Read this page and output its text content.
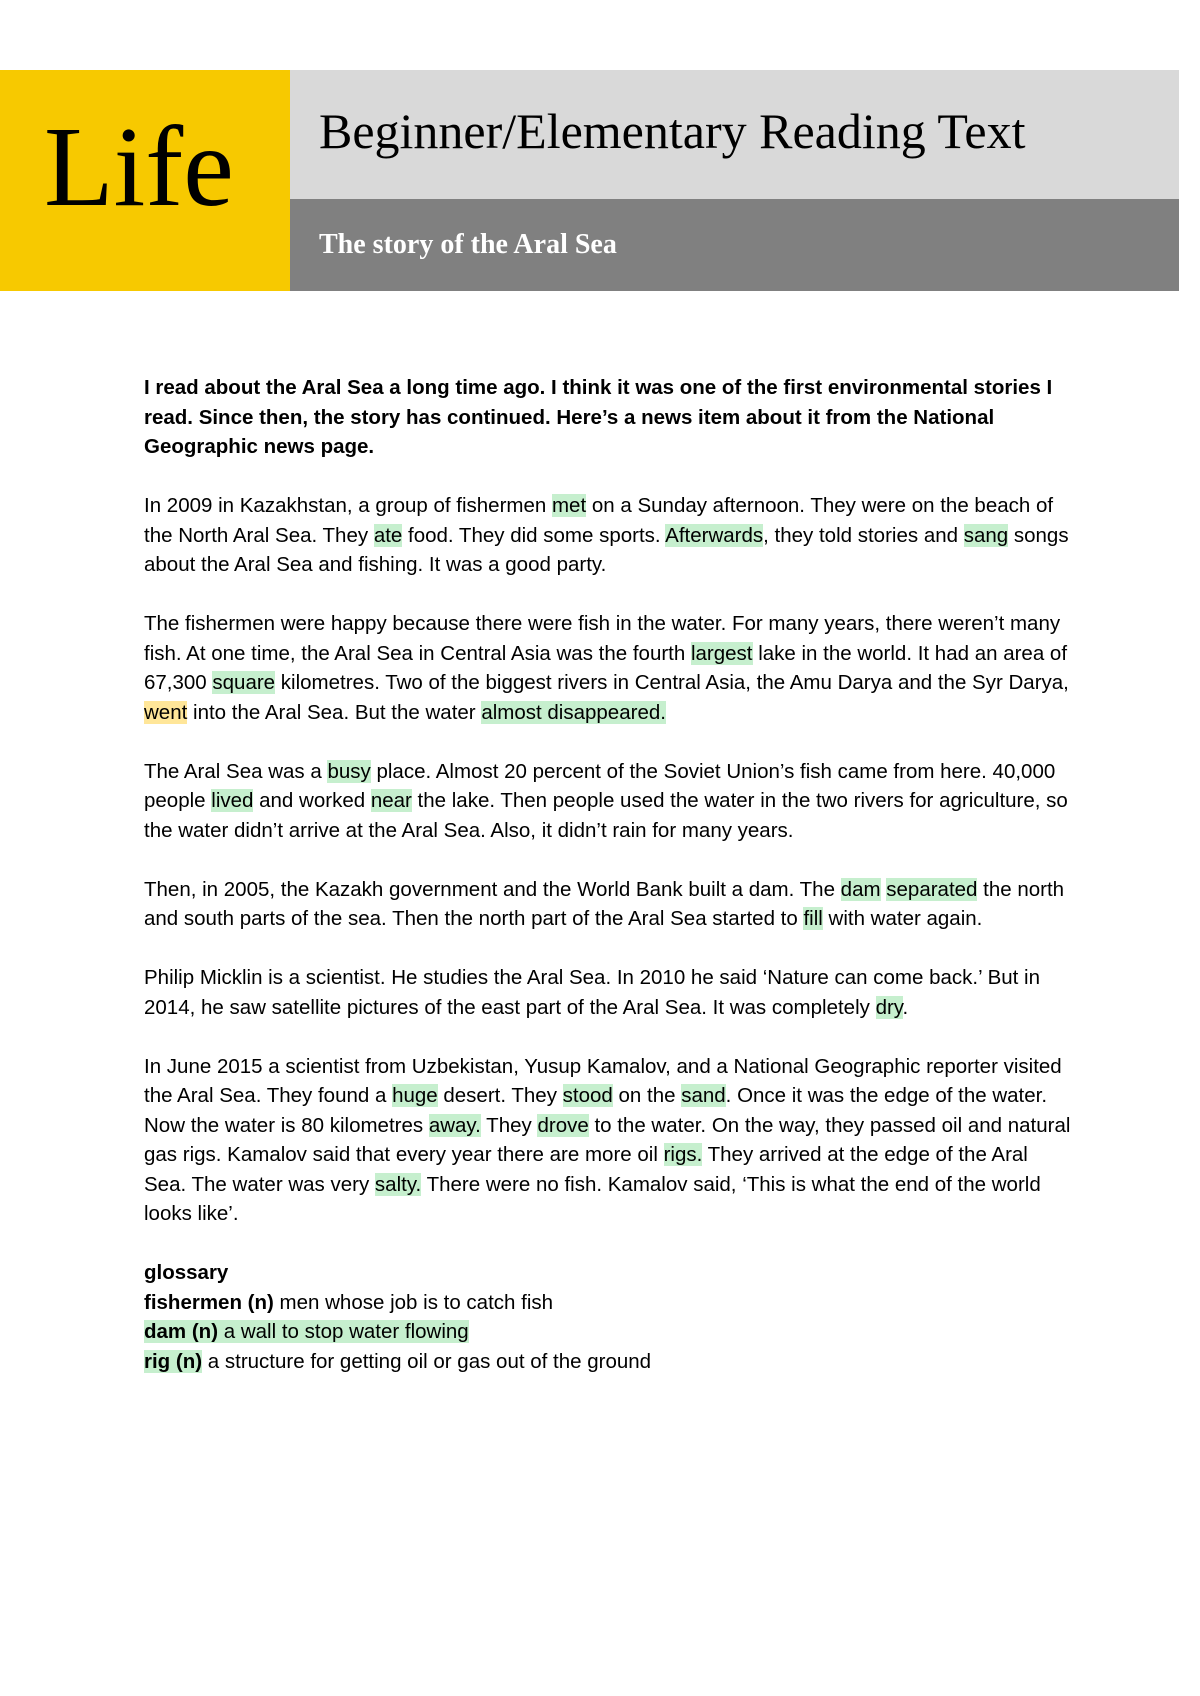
Life Beginner/Elementary Reading Text
The story of the Aral Sea

I read about the Aral Sea a long time ago. I think it was one of the first environmental stories I read. Since then, the story has continued. Here’s a news item about it from the National Geographic news page.

In 2009 in Kazakhstan, a group of fishermen met on a Sunday afternoon. They were on the beach of the North Aral Sea. They ate food. They did some sports. Afterwards, they told stories and sang songs about the Aral Sea and fishing. It was a good party.

The fishermen were happy because there were fish in the water. For many years, there weren’t many fish. At one time, the Aral Sea in Central Asia was the fourth largest lake in the world. It had an area of 67,300 square kilometres. Two of the biggest rivers in Central Asia, the Amu Darya and the Syr Darya, went into the Aral Sea. But the water almost disappeared.

The Aral Sea was a busy place. Almost 20 percent of the Soviet Union’s fish came from here. 40,000 people lived and worked near the lake. Then people used the water in the two rivers for agriculture, so the water didn’t arrive at the Aral Sea. Also, it didn’t rain for many years.

Then, in 2005, the Kazakh government and the World Bank built a dam. The dam separated the north and south parts of the sea. Then the north part of the Aral Sea started to fill with water again.

Philip Micklin is a scientist. He studies the Aral Sea. In 2010 he said ‘Nature can come back.’ But in 2014, he saw satellite pictures of the east part of the Aral Sea. It was completely dry.

In June 2015 a scientist from Uzbekistan, Yusup Kamalov, and a National Geographic reporter visited the Aral Sea. They found a huge desert. They stood on the sand. Once it was the edge of the water. Now the water is 80 kilometres away. They drove to the water. On the way, they passed oil and natural gas rigs. Kamalov said that every year there are more oil rigs. They arrived at the edge of the Aral Sea. The water was very salty. There were no fish. Kamalov said, ‘This is what the end of the world looks like’.

glossary
fishermen (n) men whose job is to catch fish
dam (n) a wall to stop water flowing
rig (n) a structure for getting oil or gas out of the ground
